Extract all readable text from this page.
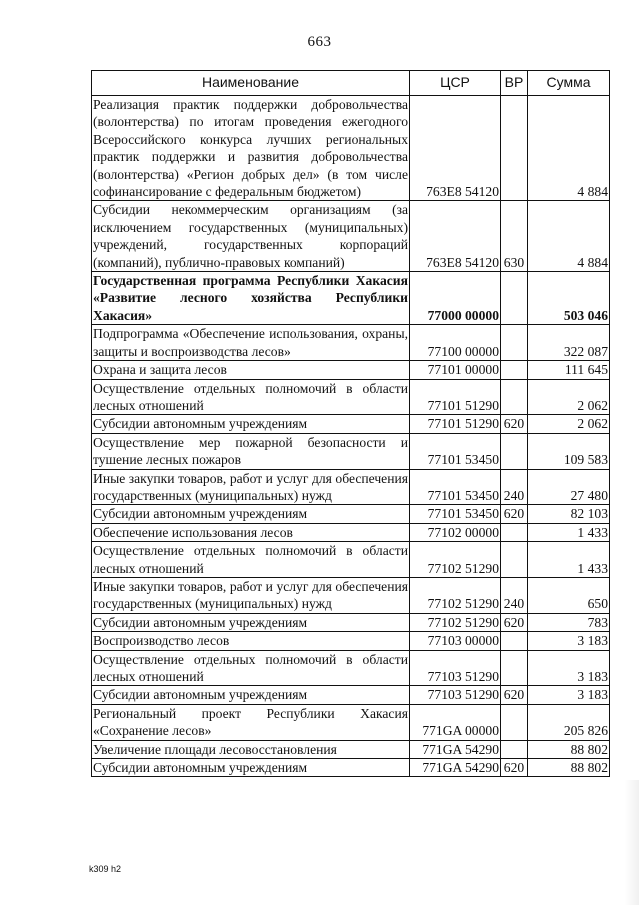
663
Наименование	ЦСР	ВР	Сумма
Реализация практик поддержки добровольчества (волонтерства) по итогам проведения ежегодного Всероссийского конкурса лучших региональных практик поддержки и развития добровольчества (волонтерства) «Регион добрых дел» (в том числе софинансирование с федеральным бюджетом)	763Е8 54120		4 884
Субсидии некоммерческим организациям (за исключением государственных (муниципальных) учреждений, государственных корпораций (компаний), публично-правовых компаний)	763Е8 54120	630	4 884
Государственная программа Республики Хакасия «Развитие лесного хозяйства Республики Хакасия»	77000 00000		503 046
Подпрограмма «Обеспечение использования, охраны, защиты и воспроизводства лесов»	77100 00000		322 087
Охрана и защита лесов	77101 00000		111 645
Осуществление отдельных полномочий в области лесных отношений	77101 51290		2 062
Субсидии автономным учреждениям	77101 51290	620	2 062
Осуществление мер пожарной безопасности и тушение лесных пожаров	77101 53450		109 583
Иные закупки товаров, работ и услуг для обеспечения государственных (муниципальных) нужд	77101 53450	240	27 480
Субсидии автономным учреждениям	77101 53450	620	82 103
Обеспечение использования лесов	77102 00000		1 433
Осуществление отдельных полномочий в области лесных отношений	77102 51290		1 433
Иные закупки товаров, работ и услуг для обеспечения государственных (муниципальных) нужд	77102 51290	240	650
Субсидии автономным учреждениям	77102 51290	620	783
Воспроизводство лесов	77103 00000		3 183
Осуществление отдельных полномочий в области лесных отношений	77103 51290		3 183
Субсидии автономным учреждениям	77103 51290	620	3 183
Региональный проект Республики Хакасия «Сохранение лесов»	771GA 00000		205 826
Увеличение площади лесовосстановления	771GA 54290		88 802
Субсидии автономным учреждениям	771GA 54290	620	88 802
k309 h2
